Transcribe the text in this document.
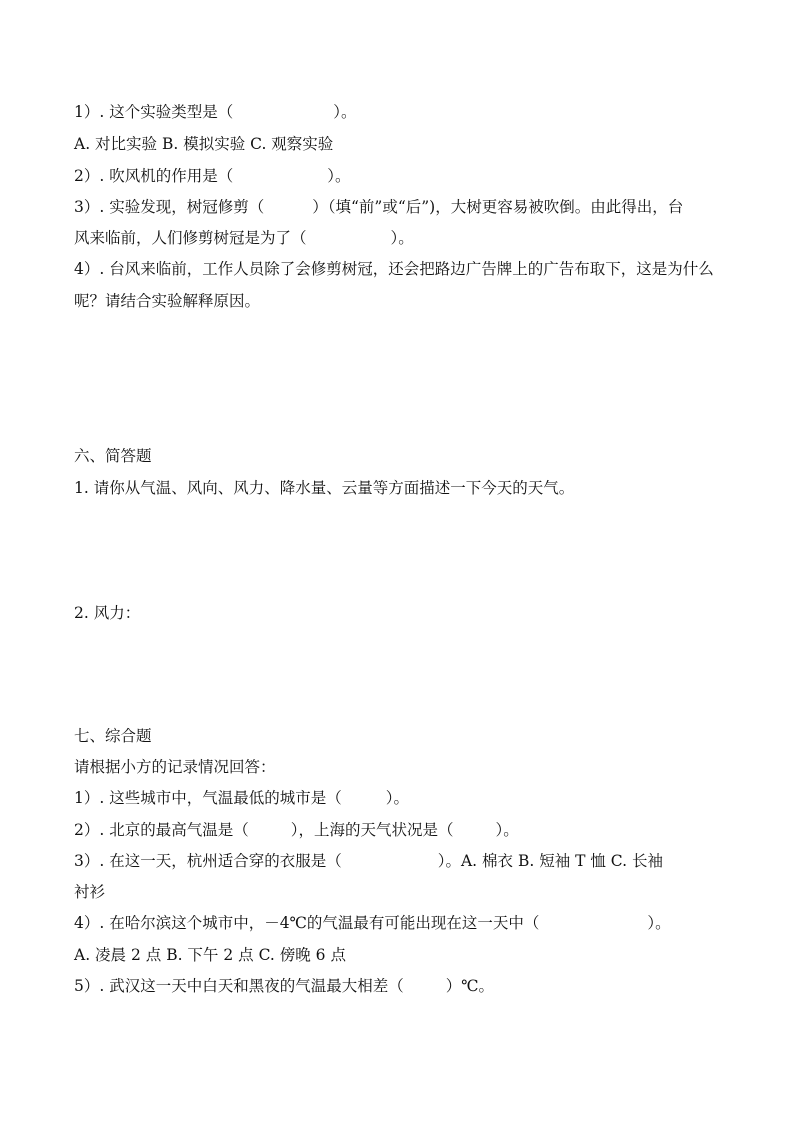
1）. 这个实验类型是（	）。
A. 对比实验 B. 模拟实验 C. 观察实验
2）. 吹风机的作用是（	）。
3）. 实验发现，树冠修剪（	）（填“前”或“后”)，大树更容易被吹倒。由此得出，台
风来临前，人们修剪树冠是为了（	）。
4）. 台风来临前，工作人员除了会修剪树冠，还会把路边广告牌上的广告布取下，这是为什么
呢？请结合实验解释原因。
六、简答题
1. 请你从气温、风向、风力、降水量、云量等方面描述一下今天的天气。
2. 风力：
七、综合题
请根据小方的记录情况回答：
1）. 这些城市中，气温最低的城市是（	）。
2）. 北京的最高气温是（	），上海的天气状况是（	）。
3）. 在这一天，杭州适合穿的衣服是（	）。A. 棉衣 B. 短袖 T 恤 C. 长袖
衬衫
4）. 在哈尔滨这个城市中，－4℃的气温最有可能出现在这一天中（	）。
A. 凌晨 2 点 B. 下午 2 点 C. 傍晚 6 点
5）. 武汉这一天中白天和黑夜的气温最大相差（	）℃。
